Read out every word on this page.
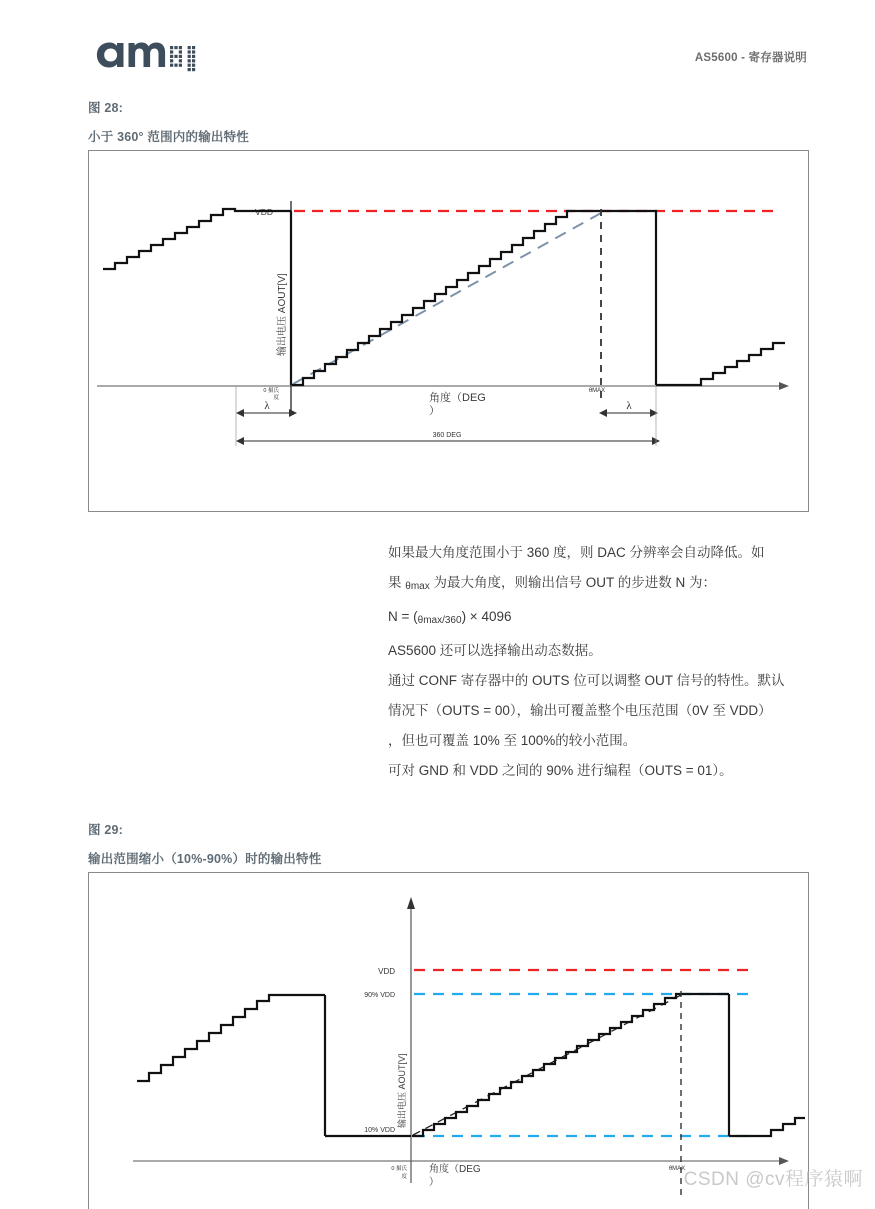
AS5600 - 寄存器说明
图 28:
小于 360° 范围内的输出特性
VDD
0 摄氏
度
θMAX
角度（DEG
）
输出电压 AOUT[V]
λ	λ
360 DEG

如果最大角度范围小于 360 度，则 DAC 分辨率会自动降低。如

果 $_{\theta max}$ 为最大角度，则输出信号 OUT 的步进数 N 为：

$N = (_{\theta max/360}) \times 4096$

AS5600 还可以选择输出动态数据。

通过 CONF 寄存器中的 OUTS 位可以调整 OUT 信号的特性。默认

情况下（OUTS = 00），输出可覆盖整个电压范围（0V 至 VDD）

，但也可覆盖 10% 至 100%的较小范围。

可对 GND 和 VDD 之间的 90% 进行编程（OUTS = 01）。

图 29:
输出范围缩小（10%-90%）时的输出特性
VDD
90% VDD
10% VDD
0 摄氏
度
θMAX
角度（DEG
）
输出电压 AOUT[V]
CSDN @cv程序猿啊
